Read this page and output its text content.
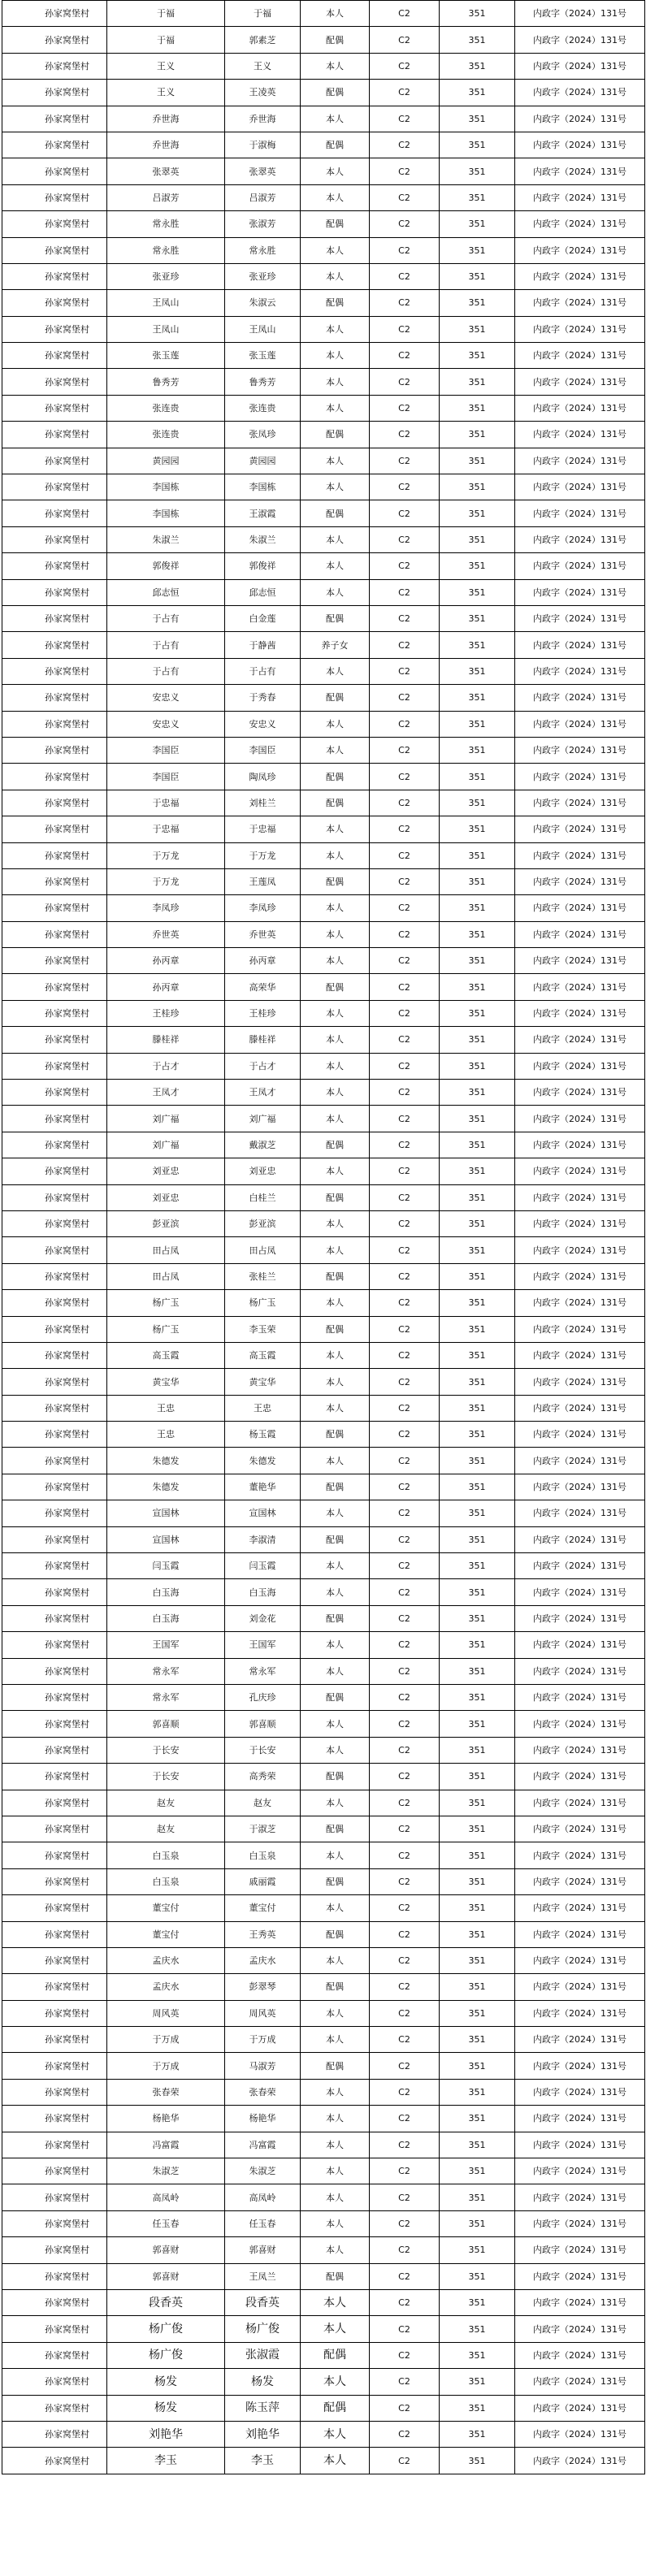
孙家窝堡村	于福	于福	本人	C2	351	内政字（2024）131号
孙家窝堡村	于福	郭素芝	配偶	C2	351	内政字（2024）131号
孙家窝堡村	王义	王义	本人	C2	351	内政字（2024）131号
孙家窝堡村	王义	王凌英	配偶	C2	351	内政字（2024）131号
孙家窝堡村	乔世海	乔世海	本人	C2	351	内政字（2024）131号
孙家窝堡村	乔世海	于淑梅	配偶	C2	351	内政字（2024）131号
孙家窝堡村	张翠英	张翠英	本人	C2	351	内政字（2024）131号
孙家窝堡村	吕淑芳	吕淑芳	本人	C2	351	内政字（2024）131号
孙家窝堡村	常永胜	张淑芳	配偶	C2	351	内政字（2024）131号
孙家窝堡村	常永胜	常永胜	本人	C2	351	内政字（2024）131号
孙家窝堡村	张亚珍	张亚珍	本人	C2	351	内政字（2024）131号
孙家窝堡村	王凤山	朱淑云	配偶	C2	351	内政字（2024）131号
孙家窝堡村	王凤山	王凤山	本人	C2	351	内政字（2024）131号
孙家窝堡村	张玉莲	张玉莲	本人	C2	351	内政字（2024）131号
孙家窝堡村	鲁秀芳	鲁秀芳	本人	C2	351	内政字（2024）131号
孙家窝堡村	张连贵	张连贵	本人	C2	351	内政字（2024）131号
孙家窝堡村	张连贵	张凤珍	配偶	C2	351	内政字（2024）131号
孙家窝堡村	黄园园	黄园园	本人	C2	351	内政字（2024）131号
孙家窝堡村	李国栋	李国栋	本人	C2	351	内政字（2024）131号
孙家窝堡村	李国栋	王淑霞	配偶	C2	351	内政字（2024）131号
孙家窝堡村	朱淑兰	朱淑兰	本人	C2	351	内政字（2024）131号
孙家窝堡村	郭俊祥	郭俊祥	本人	C2	351	内政字（2024）131号
孙家窝堡村	邱志恒	邱志恒	本人	C2	351	内政字（2024）131号
孙家窝堡村	于占有	白金莲	配偶	C2	351	内政字（2024）131号
孙家窝堡村	于占有	于静茜	养子女	C2	351	内政字（2024）131号
孙家窝堡村	于占有	于占有	本人	C2	351	内政字（2024）131号
孙家窝堡村	安忠义	于秀春	配偶	C2	351	内政字（2024）131号
孙家窝堡村	安忠义	安忠义	本人	C2	351	内政字（2024）131号
孙家窝堡村	李国臣	李国臣	本人	C2	351	内政字（2024）131号
孙家窝堡村	李国臣	陶凤珍	配偶	C2	351	内政字（2024）131号
孙家窝堡村	于忠福	刘桂兰	配偶	C2	351	内政字（2024）131号
孙家窝堡村	于忠福	于忠福	本人	C2	351	内政字（2024）131号
孙家窝堡村	于万龙	于万龙	本人	C2	351	内政字（2024）131号
孙家窝堡村	于万龙	王莲凤	配偶	C2	351	内政字（2024）131号
孙家窝堡村	李凤珍	李凤珍	本人	C2	351	内政字（2024）131号
孙家窝堡村	乔世英	乔世英	本人	C2	351	内政字（2024）131号
孙家窝堡村	孙丙章	孙丙章	本人	C2	351	内政字（2024）131号
孙家窝堡村	孙丙章	高荣华	配偶	C2	351	内政字（2024）131号
孙家窝堡村	王桂珍	王桂珍	本人	C2	351	内政字（2024）131号
孙家窝堡村	滕桂祥	滕桂祥	本人	C2	351	内政字（2024）131号
孙家窝堡村	于占才	于占才	本人	C2	351	内政字（2024）131号
孙家窝堡村	王凤才	王凤才	本人	C2	351	内政字（2024）131号
孙家窝堡村	刘广福	刘广福	本人	C2	351	内政字（2024）131号
孙家窝堡村	刘广福	戴淑芝	配偶	C2	351	内政字（2024）131号
孙家窝堡村	刘亚忠	刘亚忠	本人	C2	351	内政字（2024）131号
孙家窝堡村	刘亚忠	白桂兰	配偶	C2	351	内政字（2024）131号
孙家窝堡村	彭亚滨	彭亚滨	本人	C2	351	内政字（2024）131号
孙家窝堡村	田占凤	田占凤	本人	C2	351	内政字（2024）131号
孙家窝堡村	田占凤	张桂兰	配偶	C2	351	内政字（2024）131号
孙家窝堡村	杨广玉	杨广玉	本人	C2	351	内政字（2024）131号
孙家窝堡村	杨广玉	李玉荣	配偶	C2	351	内政字（2024）131号
孙家窝堡村	高玉霞	高玉霞	本人	C2	351	内政字（2024）131号
孙家窝堡村	黄宝华	黄宝华	本人	C2	351	内政字（2024）131号
孙家窝堡村	王忠	王忠	本人	C2	351	内政字（2024）131号
孙家窝堡村	王忠	杨玉霞	配偶	C2	351	内政字（2024）131号
孙家窝堡村	朱德发	朱德发	本人	C2	351	内政字（2024）131号
孙家窝堡村	朱德发	董艳华	配偶	C2	351	内政字（2024）131号
孙家窝堡村	宣国林	宣国林	本人	C2	351	内政字（2024）131号
孙家窝堡村	宣国林	李淑清	配偶	C2	351	内政字（2024）131号
孙家窝堡村	闫玉霞	闫玉霞	本人	C2	351	内政字（2024）131号
孙家窝堡村	白玉海	白玉海	本人	C2	351	内政字（2024）131号
孙家窝堡村	白玉海	刘金花	配偶	C2	351	内政字（2024）131号
孙家窝堡村	王国军	王国军	本人	C2	351	内政字（2024）131号
孙家窝堡村	常永军	常永军	本人	C2	351	内政字（2024）131号
孙家窝堡村	常永军	孔庆珍	配偶	C2	351	内政字（2024）131号
孙家窝堡村	郭喜顺	郭喜顺	本人	C2	351	内政字（2024）131号
孙家窝堡村	于长安	于长安	本人	C2	351	内政字（2024）131号
孙家窝堡村	于长安	高秀荣	配偶	C2	351	内政字（2024）131号
孙家窝堡村	赵友	赵友	本人	C2	351	内政字（2024）131号
孙家窝堡村	赵友	于淑芝	配偶	C2	351	内政字（2024）131号
孙家窝堡村	白玉泉	白玉泉	本人	C2	351	内政字（2024）131号
孙家窝堡村	白玉泉	戚丽霞	配偶	C2	351	内政字（2024）131号
孙家窝堡村	董宝付	董宝付	本人	C2	351	内政字（2024）131号
孙家窝堡村	董宝付	王秀英	配偶	C2	351	内政字（2024）131号
孙家窝堡村	孟庆水	孟庆水	本人	C2	351	内政字（2024）131号
孙家窝堡村	孟庆水	彭翠琴	配偶	C2	351	内政字（2024）131号
孙家窝堡村	周风英	周风英	本人	C2	351	内政字（2024）131号
孙家窝堡村	于万成	于万成	本人	C2	351	内政字（2024）131号
孙家窝堡村	于万成	马淑芳	配偶	C2	351	内政字（2024）131号
孙家窝堡村	张春荣	张春荣	本人	C2	351	内政字（2024）131号
孙家窝堡村	杨艳华	杨艳华	本人	C2	351	内政字（2024）131号
孙家窝堡村	冯富霞	冯富霞	本人	C2	351	内政字（2024）131号
孙家窝堡村	朱淑芝	朱淑芝	本人	C2	351	内政字（2024）131号
孙家窝堡村	高凤岭	高凤岭	本人	C2	351	内政字（2024）131号
孙家窝堡村	任玉春	任玉春	本人	C2	351	内政字（2024）131号
孙家窝堡村	郭喜财	郭喜财	本人	C2	351	内政字（2024）131号
孙家窝堡村	郭喜财	王凤兰	配偶	C2	351	内政字（2024）131号
孙家窝堡村	段香英	段香英	本人	C2	351	内政字（2024）131号
孙家窝堡村	杨广俊	杨广俊	本人	C2	351	内政字（2024）131号
孙家窝堡村	杨广俊	张淑霞	配偶	C2	351	内政字（2024）131号
孙家窝堡村	杨发	杨发	本人	C2	351	内政字（2024）131号
孙家窝堡村	杨发	陈玉萍	配偶	C2	351	内政字（2024）131号
孙家窝堡村	刘艳华	刘艳华	本人	C2	351	内政字（2024）131号
孙家窝堡村	李玉	李玉	本人	C2	351	内政字（2024）131号
